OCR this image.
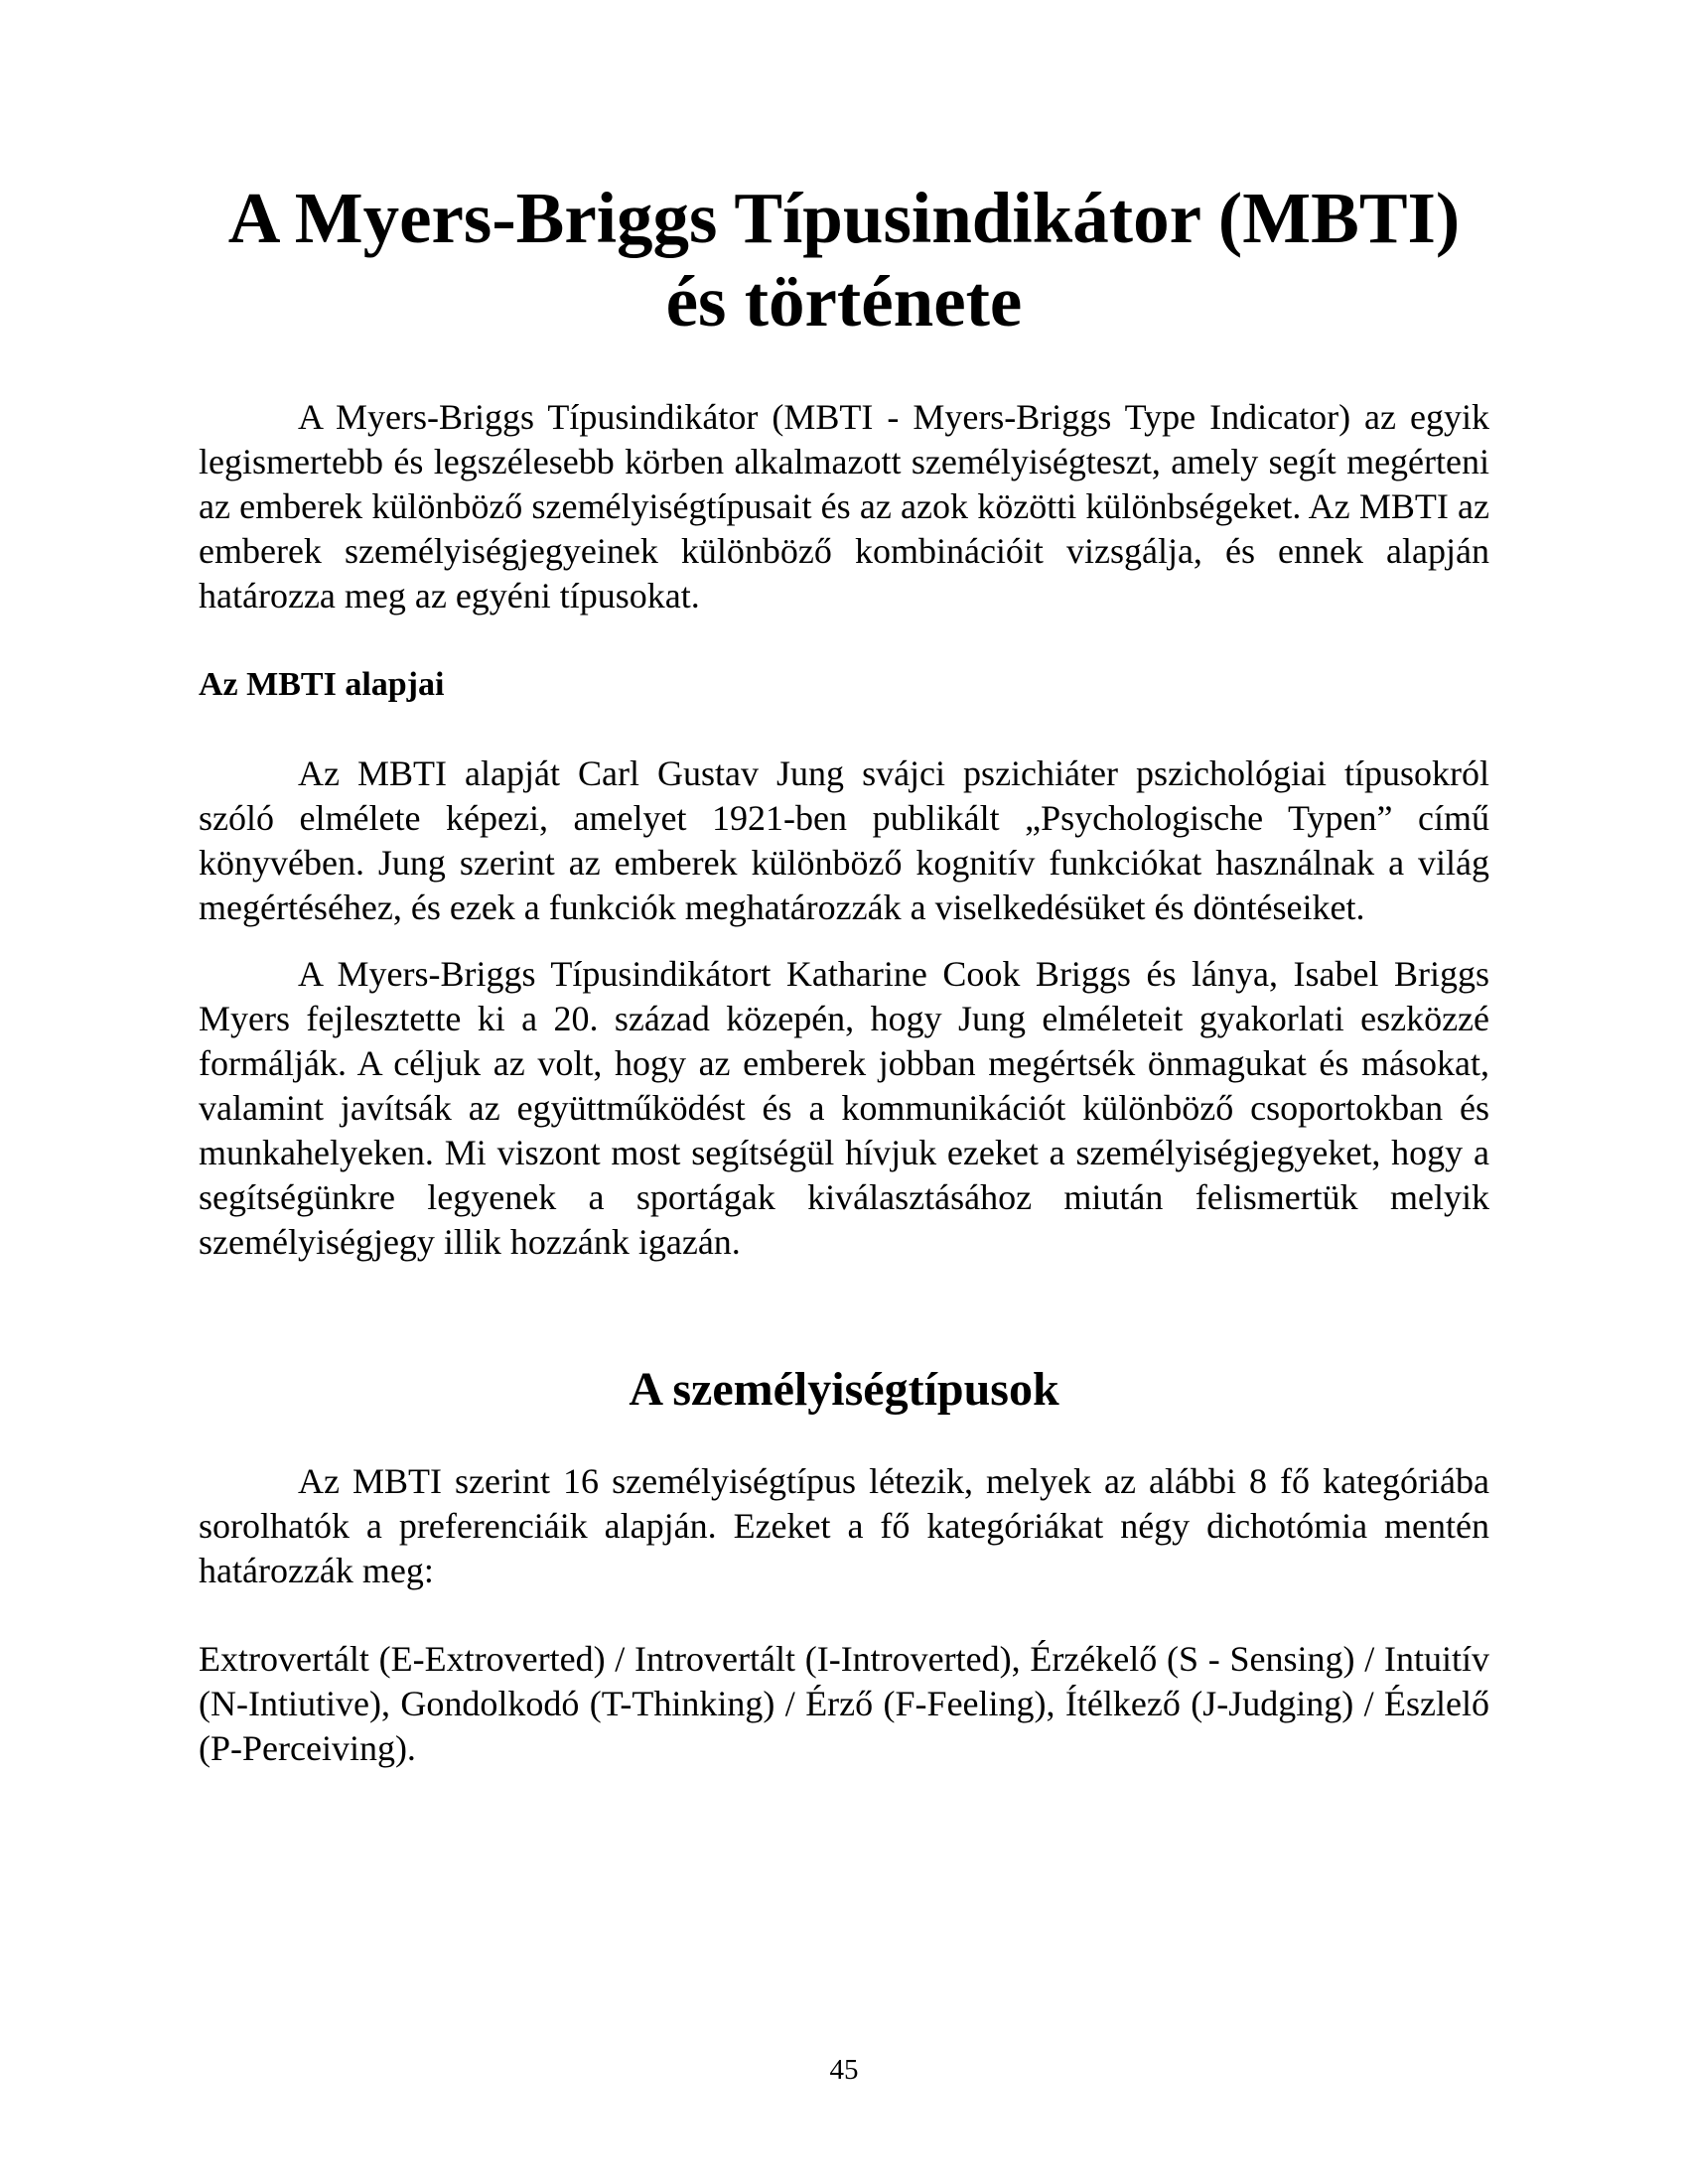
A Myers-Briggs Típusindikátor (MBTI)
és története

A Myers-Briggs Típusindikátor (MBTI - Myers-Briggs Type Indicator) az egyik legismertebb és legszélesebb körben alkalmazott személyiségteszt, amely segít megérteni az emberek különböző személyiségtípusait és az azok közötti különbségeket. Az MBTI az emberek személyiségjegyeinek különböző kombinációit vizsgálja, és ennek alapján határozza meg az egyéni típusokat.

Az MBTI alapjai

Az MBTI alapját Carl Gustav Jung svájci pszichiáter pszichológiai típusokról szóló elmélete képezi, amelyet 1921-ben publikált „Psychologische Typen” című könyvében. Jung szerint az emberek különböző kognitív funkciókat használnak a világ megértéséhez, és ezek a funkciók meghatározzák a viselkedésüket és döntéseiket.

A Myers-Briggs Típusindikátort Katharine Cook Briggs és lánya, Isabel Briggs Myers fejlesztette ki a 20. század közepén, hogy Jung elméleteit gyakorlati eszközzé formálják. A céljuk az volt, hogy az emberek jobban megértsék önmagukat és másokat, valamint javítsák az együttműködést és a kommunikációt különböző csoportokban és munkahelyeken. Mi viszont most segítségül hívjuk ezeket a személyiségjegyeket, hogy a segítségünkre legyenek a sportágak kiválasztásához miután felismertük melyik személyiségjegy illik hozzánk igazán.

A személyiségtípusok

Az MBTI szerint 16 személyiségtípus létezik, melyek az alábbi 8 fő kategóriába sorolhatók a preferenciáik alapján. Ezeket a fő kategóriákat négy dichotómia mentén határozzák meg:

Extrovertált (E-Extroverted) / Introvertált (I-Introverted), Érzékelő (S - Sensing) / Intuitív (N-Intiutive), Gondolkodó (T-Thinking) / Érző (F-Feeling), Ítélkező (J-Judging) / Észlelő (P-Perceiving).

45
